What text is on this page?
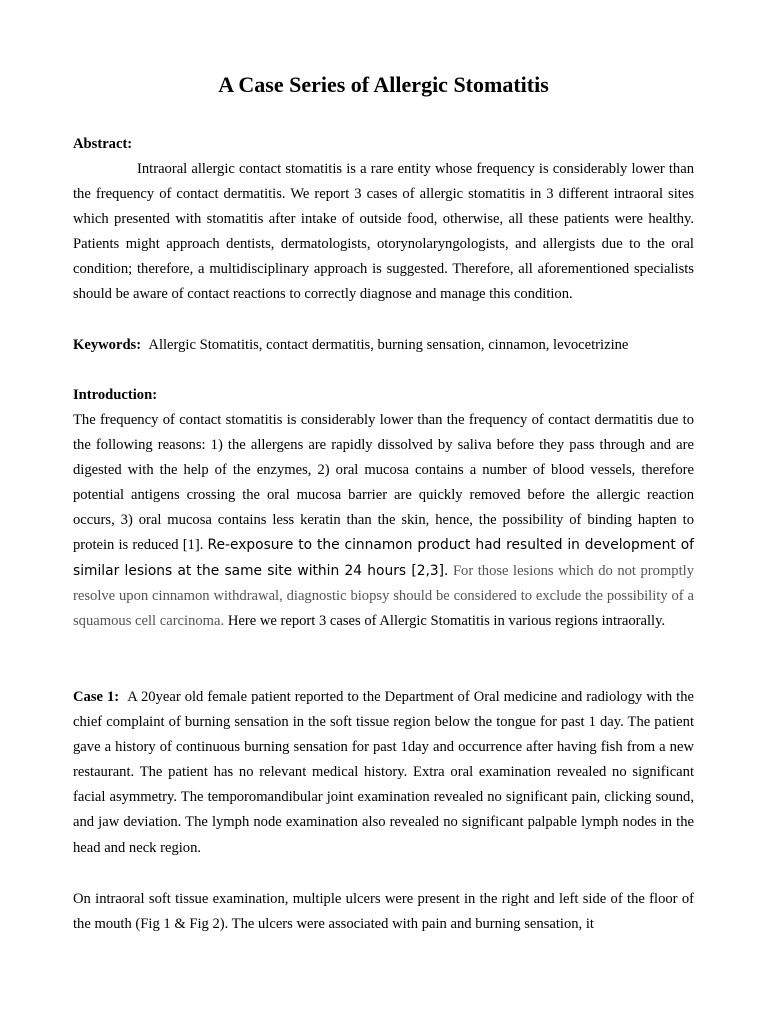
A Case Series of Allergic Stomatitis
Abstract:
Intraoral allergic contact stomatitis is a rare entity whose frequency is considerably lower than the frequency of contact dermatitis. We report 3 cases of allergic stomatitis in 3 different intraoral sites which presented with stomatitis after intake of outside food, otherwise, all these patients were healthy. Patients might approach dentists, dermatologists, otorynolaryngologists, and allergists due to the oral condition; therefore, a multidisciplinary approach is suggested. Therefore, all aforementioned specialists should be aware of contact reactions to correctly diagnose and manage this condition.
Keywords: Allergic Stomatitis, contact dermatitis, burning sensation, cinnamon, levocetrizine
Introduction:
The frequency of contact stomatitis is considerably lower than the frequency of contact dermatitis due to the following reasons: 1) the allergens are rapidly dissolved by saliva before they pass through and are digested with the help of the enzymes, 2) oral mucosa contains a number of blood vessels, therefore potential antigens crossing the oral mucosa barrier are quickly removed before the allergic reaction occurs, 3) oral mucosa contains less keratin than the skin, hence, the possibility of binding hapten to protein is reduced [1]. Re-exposure to the cinnamon product had resulted in development of similar lesions at the same site within 24 hours [2,3]. For those lesions which do not promptly resolve upon cinnamon withdrawal, diagnostic biopsy should be considered to exclude the possibility of a squamous cell carcinoma. Here we report 3 cases of Allergic Stomatitis in various regions intraorally.
Case 1: A 20year old female patient reported to the Department of Oral medicine and radiology with the chief complaint of burning sensation in the soft tissue region below the tongue for past 1 day. The patient gave a history of continuous burning sensation for past 1day and occurrence after having fish from a new restaurant. The patient has no relevant medical history. Extra oral examination revealed no significant facial asymmetry. The temporomandibular joint examination revealed no significant pain, clicking sound, and jaw deviation. The lymph node examination also revealed no significant palpable lymph nodes in the head and neck region.
On intraoral soft tissue examination, multiple ulcers were present in the right and left side of the floor of the mouth (Fig 1 & Fig 2). The ulcers were associated with pain and burning sensation, it
